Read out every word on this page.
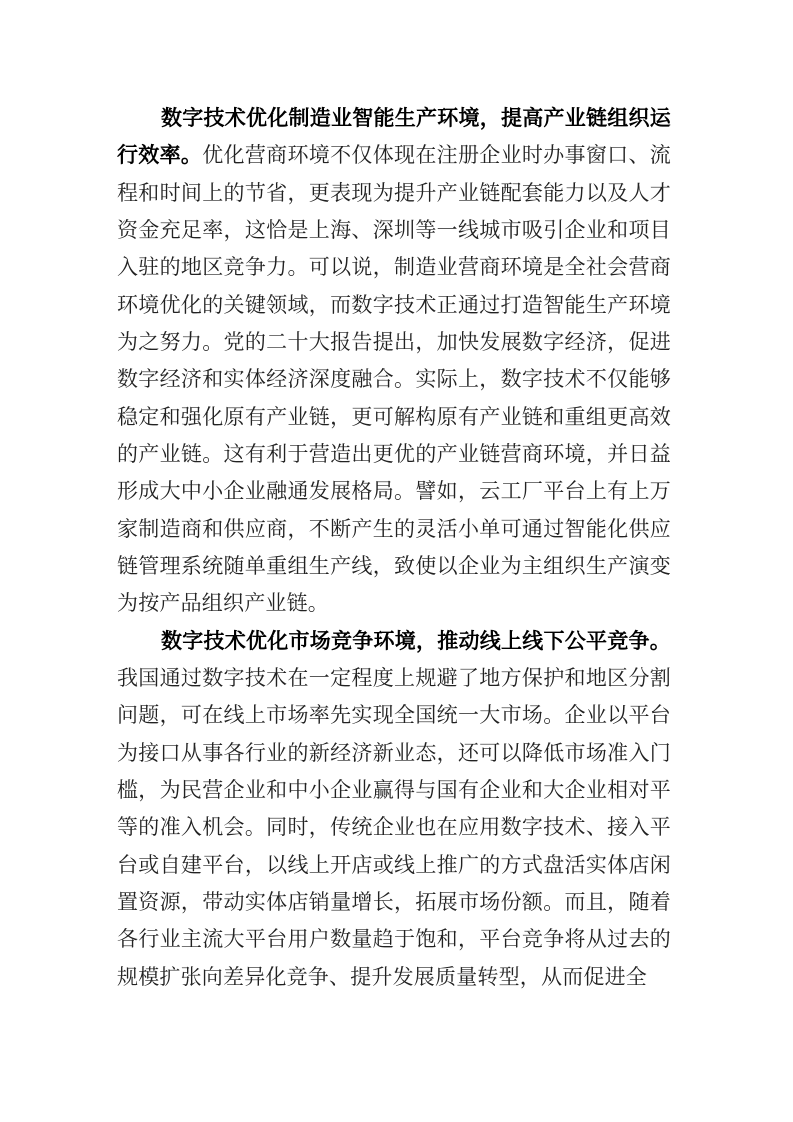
数字技术优化制造业智能生产环境，提高产业链组织运行效率。优化营商环境不仅体现在注册企业时办事窗口、流程和时间上的节省，更表现为提升产业链配套能力以及人才资金充足率，这恰是上海、深圳等一线城市吸引企业和项目入驻的地区竞争力。可以说，制造业营商环境是全社会营商环境优化的关键领域，而数字技术正通过打造智能生产环境为之努力。党的二十大报告提出，加快发展数字经济，促进数字经济和实体经济深度融合。实际上，数字技术不仅能够稳定和强化原有产业链，更可解构原有产业链和重组更高效的产业链。这有利于营造出更优的产业链营商环境，并日益形成大中小企业融通发展格局。譬如，云工厂平台上有上万家制造商和供应商，不断产生的灵活小单可通过智能化供应链管理系统随单重组生产线，致使以企业为主组织生产演变为按产品组织产业链。

数字技术优化市场竞争环境，推动线上线下公平竞争。我国通过数字技术在一定程度上规避了地方保护和地区分割问题，可在线上市场率先实现全国统一大市场。企业以平台为接口从事各行业的新经济新业态，还可以降低市场准入门槛，为民营企业和中小企业赢得与国有企业和大企业相对平等的准入机会。同时，传统企业也在应用数字技术、接入平台或自建平台，以线上开店或线上推广的方式盘活实体店闲置资源，带动实体店销量增长，拓展市场份额。而且，随着各行业主流大平台用户数量趋于饱和，平台竞争将从过去的规模扩张向差异化竞争、提升发展质量转型，从而促进全
